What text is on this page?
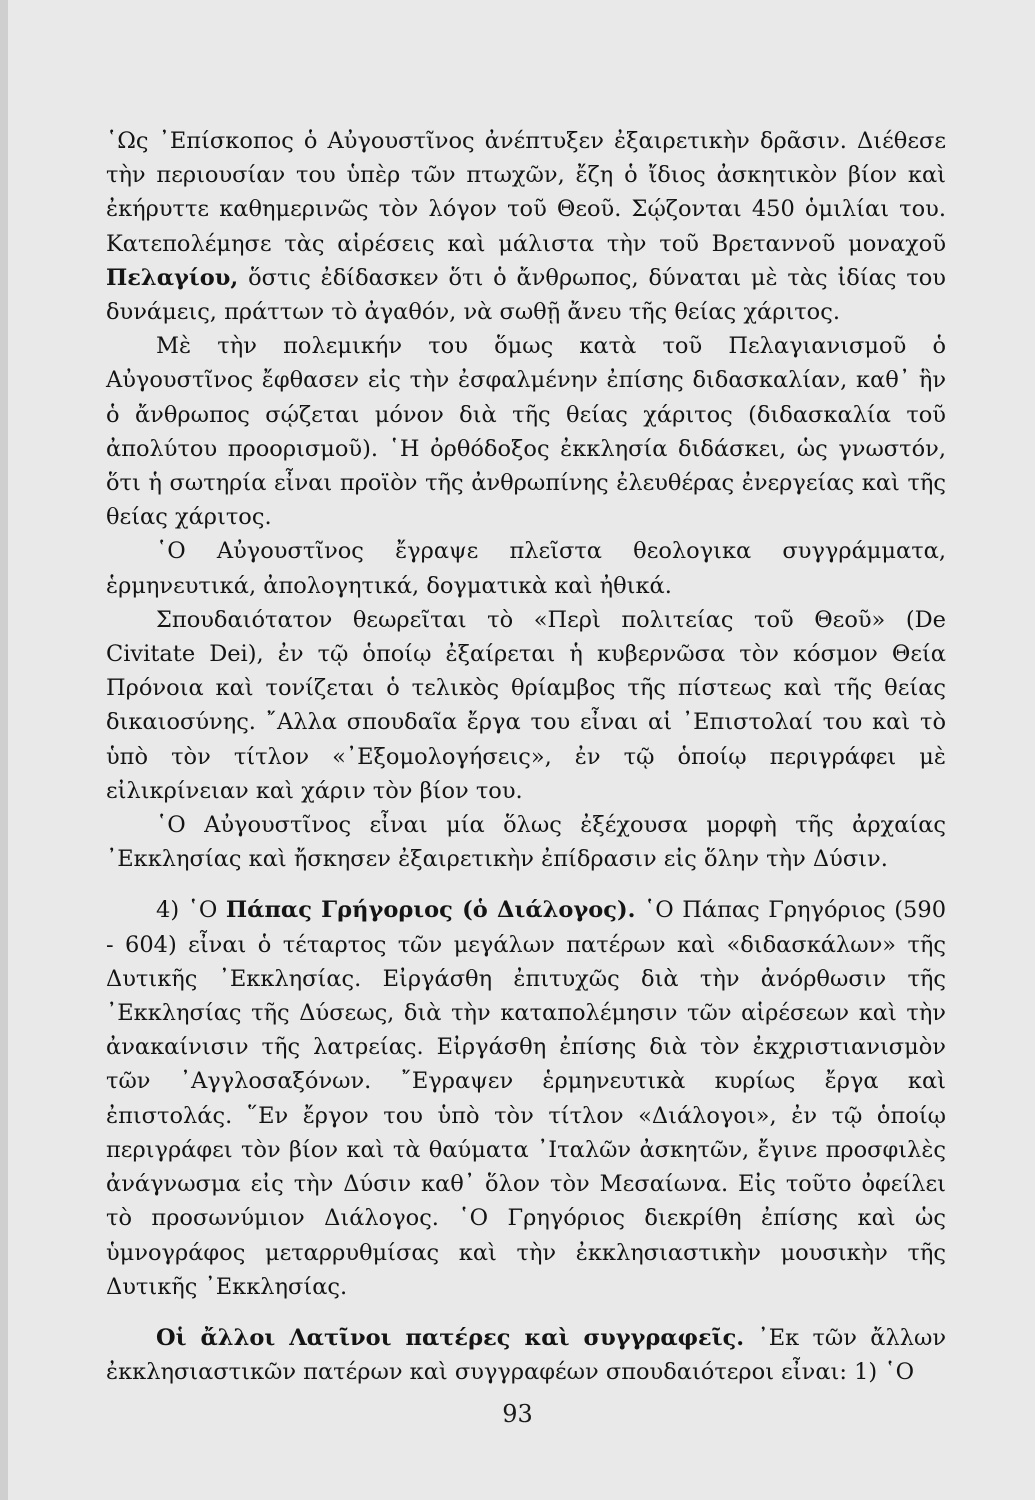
῾Ως ᾿Επίσκοπος ὁ Αὐγουστῖνος ἀνέπτυξεν ἐξαιρετικὴν δρᾶσιν. Διέθεσε τὴν περιουσίαν του ὑπὲρ τῶν πτωχῶν, ἔζη ὁ ἴδιος ἀσκητικὸν βίον καὶ ἐκήρυττε καθημερινῶς τὸν λόγον τοῦ Θεοῦ. Σῴζονται 450 ὁμιλίαι του. Κατεπολέμησε τὰς αἱρέσεις καὶ μάλιστα τὴν τοῦ Βρεταννοῦ μοναχοῦ Πελαγίου, ὅστις ἐδίδασκεν ὅτι ὁ ἄνθρωπος, δύναται μὲ τὰς ἰδίας του δυνάμεις, πράττων τὸ ἀγαθόν, νὰ σωθῇ ἄνευ τῆς θείας χάριτος.

Μὲ τὴν πολεμικήν του ὅμως κατὰ τοῦ Πελαγιανισμοῦ ὁ Αὐγουστῖνος ἔφθασεν εἰς τὴν ἐσφαλμένην ἐπίσης διδασκαλίαν, καθ᾿ ἣν ὁ ἄνθρωπος σῴζεται μόνον διὰ τῆς θείας χάριτος (διδασκαλία τοῦ ἀπολύτου προορισμοῦ). ῾Η ὀρθόδοξος ἐκκλησία διδάσκει, ὡς γνωστόν, ὅτι ἡ σωτηρία εἶναι προϊὸν τῆς ἀνθρωπίνης ἐλευθέρας ἐνεργείας καὶ τῆς θείας χάριτος.

῾Ο Αὐγουστῖνος ἔγραψε πλεῖστα θεολογικα συγγράμματα, ἑρμηνευτικά, ἀπολογητικά, δογματικὰ καὶ ἠθικά.

Σπουδαιότατον θεωρεῖται τὸ «Περὶ πολιτείας τοῦ Θεοῦ» (De Civitate Dei), ἐν τῷ ὁποίῳ ἐξαίρεται ἡ κυβερνῶσα τὸν κόσμον Θεία Πρόνοια καὶ τονίζεται ὁ τελικὸς θρίαμβος τῆς πίστεως καὶ τῆς θείας δικαιοσύνης. ῎Αλλα σπουδαῖα ἔργα του εἶναι αἱ ᾿Επιστολαί του καὶ τὸ ὑπὸ τὸν τίτλον «᾿Εξομολογήσεις», ἐν τῷ ὁποίῳ περιγράφει μὲ εἰλικρίνειαν καὶ χάριν τὸν βίον του.

῾Ο Αὐγουστῖνος εἶναι μία ὅλως ἐξέχουσα μορφὴ τῆς ἀρχαίας ᾿Εκκλησίας καὶ ἤσκησεν ἐξαιρετικὴν ἐπίδρασιν εἰς ὅλην τὴν Δύσιν.

4) ῾Ο Πάπας Γρήγοριος (ὁ Διάλογος). ῾Ο Πάπας Γρηγόριος (590 - 604) εἶναι ὁ τέταρτος τῶν μεγάλων πατέρων καὶ «διδασκάλων» τῆς Δυτικῆς ᾿Εκκλησίας. Εἰργάσθη ἐπιτυχῶς διὰ τὴν ἀνόρθωσιν τῆς ᾿Εκκλησίας τῆς Δύσεως, διὰ τὴν καταπολέμησιν τῶν αἱρέσεων καὶ τὴν ἀνακαίνισιν τῆς λατρείας. Εἰργάσθη ἐπίσης διὰ τὸν ἐκχριστιανισμὸν τῶν ᾿Αγγλοσαξόνων. ῎Εγραψεν ἑρμηνευτικὰ κυρίως ἔργα καὶ ἐπιστολάς. ῞Εν ἔργον του ὑπὸ τὸν τίτλον «Διάλογοι», ἐν τῷ ὁποίῳ περιγράφει τὸν βίον καὶ τὰ θαύματα ᾿Ιταλῶν ἀσκητῶν, ἔγινε προσφιλὲς ἀνάγνωσμα εἰς τὴν Δύσιν καθ᾿ ὅλον τὸν Μεσαίωνα. Εἰς τοῦτο ὀφείλει τὸ προσωνύμιον Διάλογος. ῾Ο Γρηγόριος διεκρίθη ἐπίσης καὶ ὡς ὑμνογράφος μεταρρυθμίσας καὶ τὴν ἐκκλησιαστικὴν μουσικὴν τῆς Δυτικῆς ᾿Εκκλησίας.

Οἱ ἄλλοι Λατῖνοι πατέρες καὶ συγγραφεῖς. ᾿Εκ τῶν ἄλλων ἐκκλησιαστικῶν πατέρων καὶ συγγραφέων σπουδαιότεροι εἶναι: 1) ῾Ο

93
